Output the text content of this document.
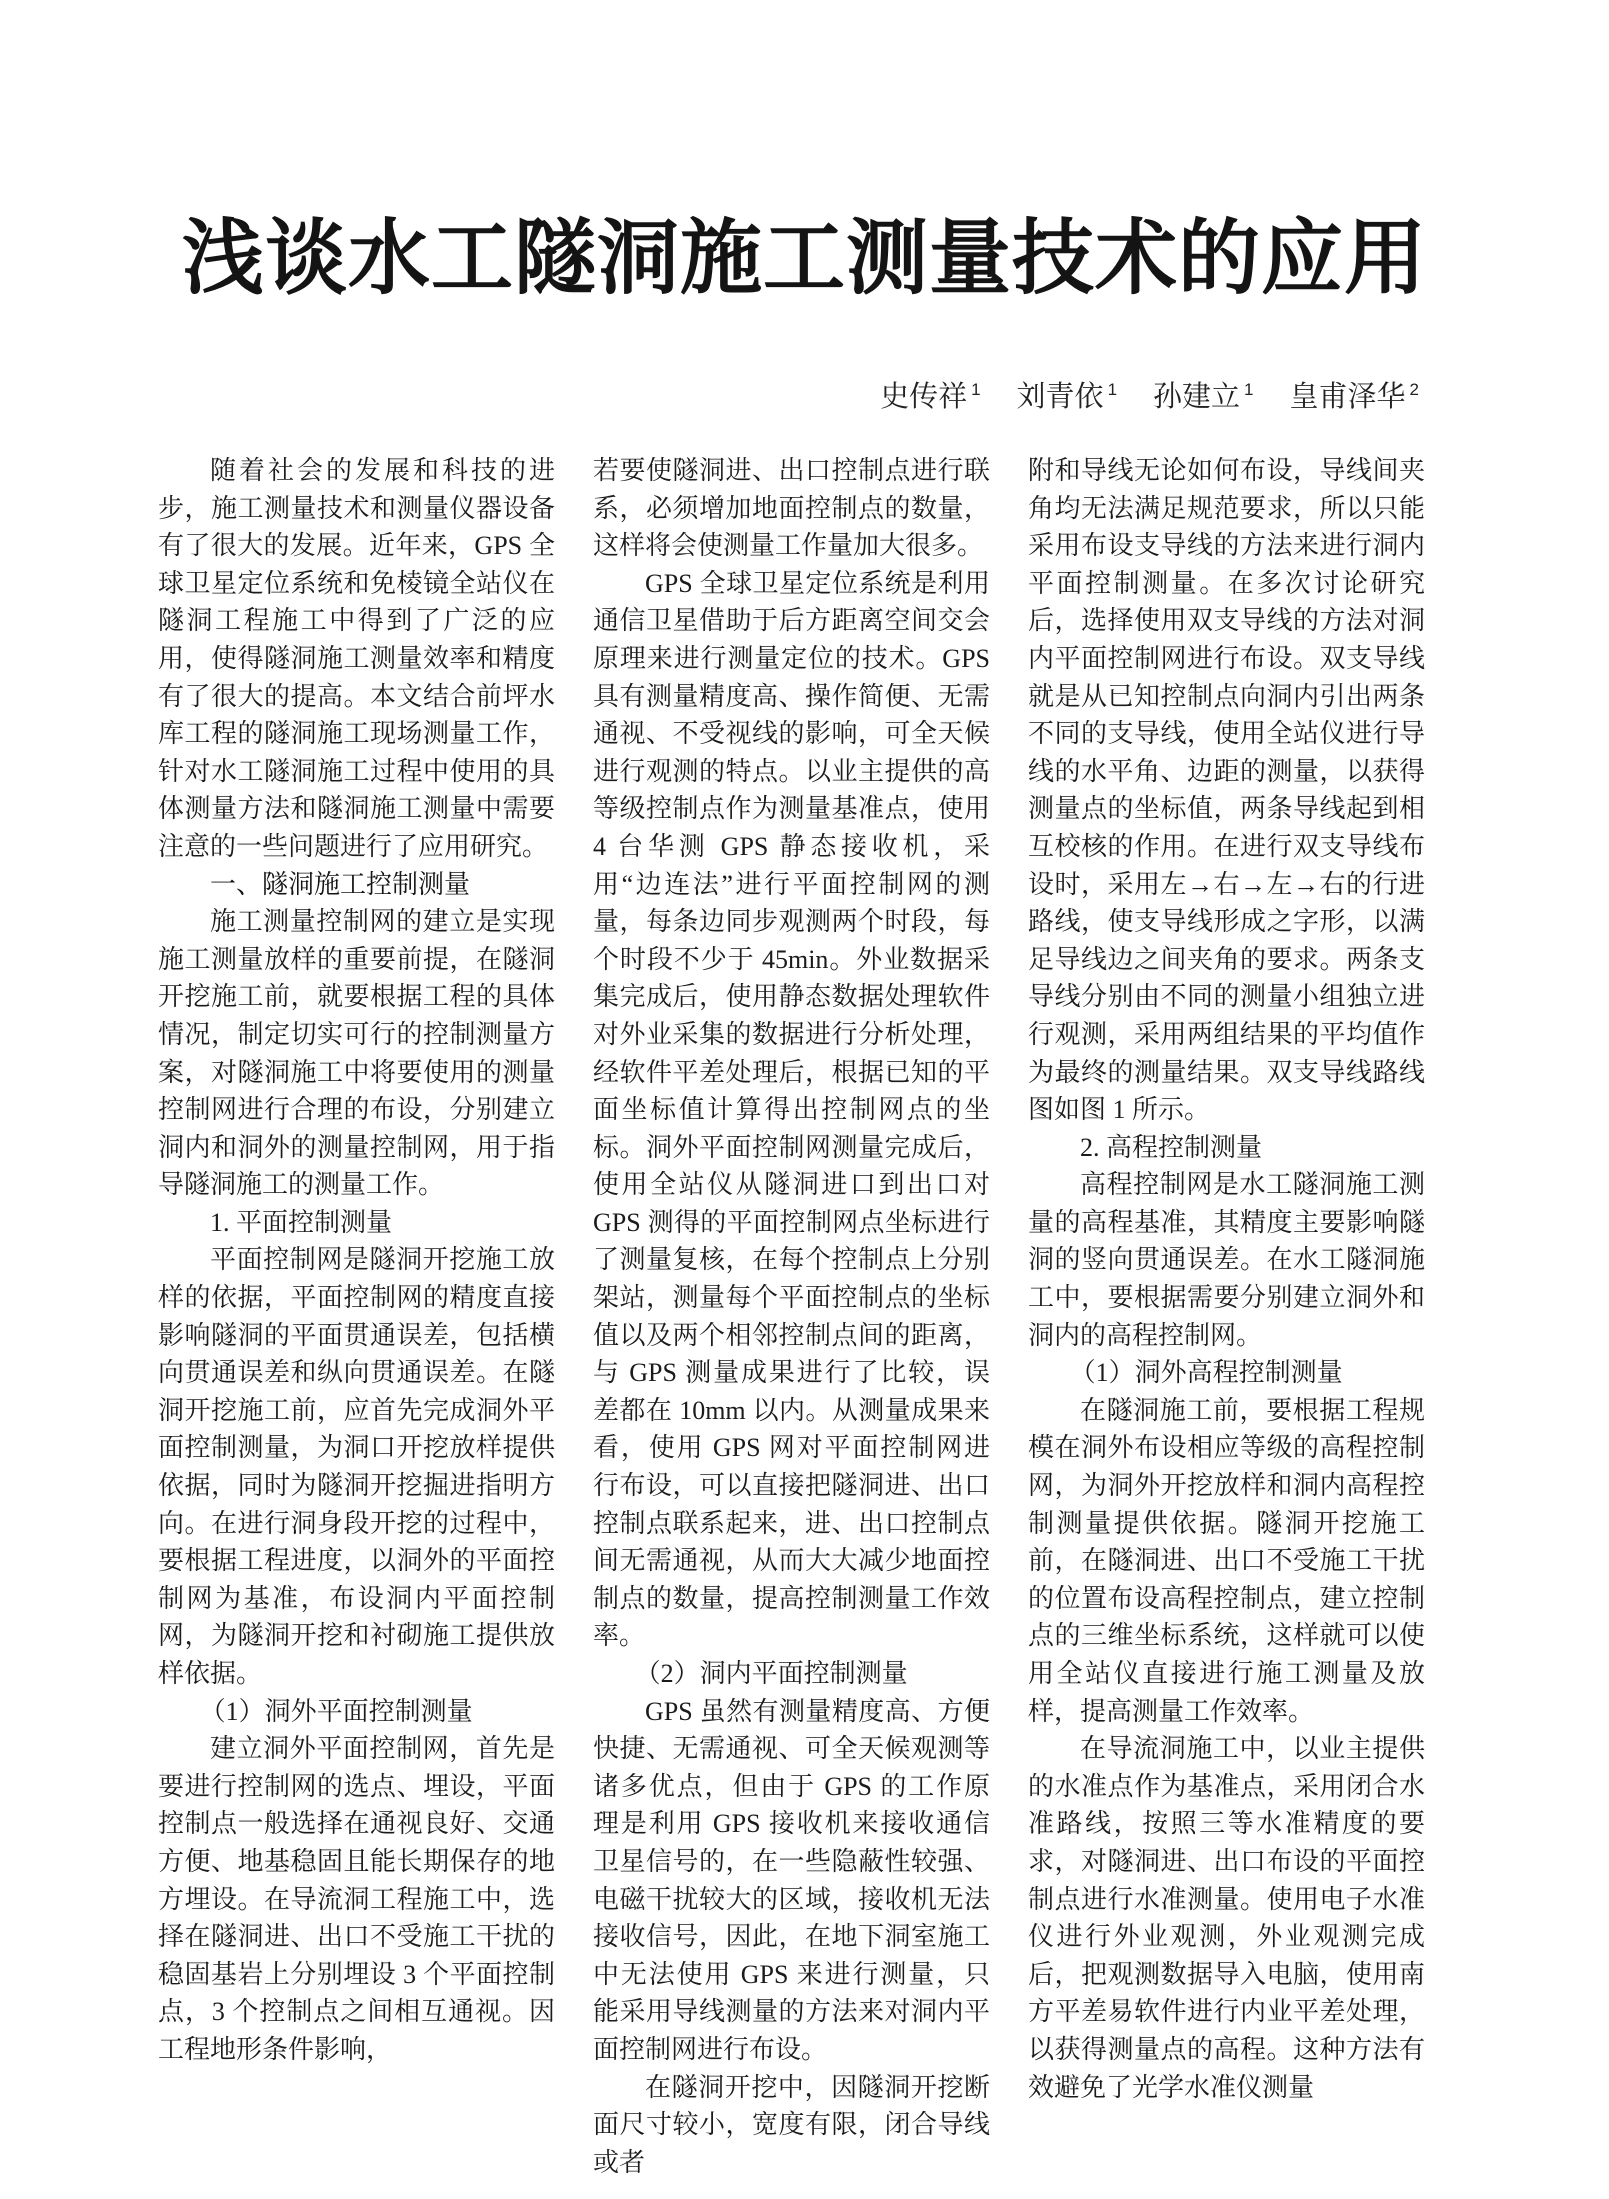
浅谈水工隧洞施工测量技术的应用
史传祥 $^1$ 刘青依 $^1$ 孙建立 $^1$ 皇甫泽华 $^2$

随着社会的发展和科技的进步，施工测量技术和测量仪器设备有了很大的发展。近年来，GPS 全球卫星定位系统和免棱镜全站仪在隧洞工程施工中得到了广泛的应用，使得隧洞施工测量效率和精度有了很大的提高。本文结合前坪水库工程的隧洞施工现场测量工作，针对水工隧洞施工过程中使用的具体测量方法和隧洞施工测量中需要注意的一些问题进行了应用研究。

一、隧洞施工控制测量

施工测量控制网的建立是实现施工测量放样的重要前提，在隧洞开挖施工前，就要根据工程的具体情况，制定切实可行的控制测量方案，对隧洞施工中将要使用的测量控制网进行合理的布设，分别建立洞内和洞外的测量控制网，用于指导隧洞施工的测量工作。

1. 平面控制测量

平面控制网是隧洞开挖施工放样的依据，平面控制网的精度直接影响隧洞的平面贯通误差，包括横向贯通误差和纵向贯通误差。在隧洞开挖施工前，应首先完成洞外平面控制测量，为洞口开挖放样提供依据，同时为隧洞开挖掘进指明方向。在进行洞身段开挖的过程中，要根据工程进度，以洞外的平面控制网为基准，布设洞内平面控制网，为隧洞开挖和衬砌施工提供放样依据。

（1）洞外平面控制测量

建立洞外平面控制网，首先是要进行控制网的选点、埋设，平面控制点一般选择在通视良好、交通方便、地基稳固且能长期保存的地方埋设。在导流洞工程施工中，选择在隧洞进、出口不受施工干扰的稳固基岩上分别埋设 3 个平面控制点，3 个控制点之间相互通视。因工程地形条件影响，

若要使隧洞进、出口控制点进行联系，必须增加地面控制点的数量，这样将会使测量工作量加大很多。

GPS 全球卫星定位系统是利用通信卫星借助于后方距离空间交会原理来进行测量定位的技术。GPS 具有测量精度高、操作简便、无需通视、不受视线的影响，可全天候进行观测的特点。以业主提供的高等级控制点作为测量基准点，使用 4 台华测 GPS 静态接收机，采用“边连法”进行平面控制网的测量，每条边同步观测两个时段，每个时段不少于 45min。外业数据采集完成后，使用静态数据处理软件对外业采集的数据进行分析处理，经软件平差处理后，根据已知的平面坐标值计算得出控制网点的坐标。洞外平面控制网测量完成后，使用全站仪从隧洞进口到出口对 GPS 测得的平面控制网点坐标进行了测量复核，在每个控制点上分别架站，测量每个平面控制点的坐标值以及两个相邻控制点间的距离，与 GPS 测量成果进行了比较，误差都在 10mm 以内。从测量成果来看，使用 GPS 网对平面控制网进行布设，可以直接把隧洞进、出口控制点联系起来，进、出口控制点间无需通视，从而大大减少地面控制点的数量，提高控制测量工作效率。

（2）洞内平面控制测量

GPS 虽然有测量精度高、方便快捷、无需通视、可全天候观测等诸多优点，但由于 GPS 的工作原理是利用 GPS 接收机来接收通信卫星信号的，在一些隐蔽性较强、电磁干扰较大的区域，接收机无法接收信号，因此，在地下洞室施工中无法使用 GPS 来进行测量，只能采用导线测量的方法来对洞内平面控制网进行布设。

在隧洞开挖中，因隧洞开挖断面尺寸较小，宽度有限，闭合导线或者

附和导线无论如何布设，导线间夹角均无法满足规范要求，所以只能采用布设支导线的方法来进行洞内平面控制测量。在多次讨论研究后，选择使用双支导线的方法对洞内平面控制网进行布设。双支导线就是从已知控制点向洞内引出两条不同的支导线，使用全站仪进行导线的水平角、边距的测量，以获得测量点的坐标值，两条导线起到相互校核的作用。在进行双支导线布设时，采用左→右→左→右的行进路线，使支导线形成之字形，以满足导线边之间夹角的要求。两条支导线分别由不同的测量小组独立进行观测，采用两组结果的平均值作为最终的测量结果。双支导线路线图如图 1 所示。

2. 高程控制测量

高程控制网是水工隧洞施工测量的高程基准，其精度主要影响隧洞的竖向贯通误差。在水工隧洞施工中，要根据需要分别建立洞外和洞内的高程控制网。

（1）洞外高程控制测量

在隧洞施工前，要根据工程规模在洞外布设相应等级的高程控制网，为洞外开挖放样和洞内高程控制测量提供依据。隧洞开挖施工前，在隧洞进、出口不受施工干扰的位置布设高程控制点，建立控制点的三维坐标系统，这样就可以使用全站仪直接进行施工测量及放样，提高测量工作效率。

在导流洞施工中，以业主提供的水准点作为基准点，采用闭合水准路线，按照三等水准精度的要求，对隧洞进、出口布设的平面控制点进行水准测量。使用电子水准仪进行外业观测，外业观测完成后，把观测数据导入电脑，使用南方平差易软件进行内业平差处理，以获得测量点的高程。这种方法有效避免了光学水准仪测量
